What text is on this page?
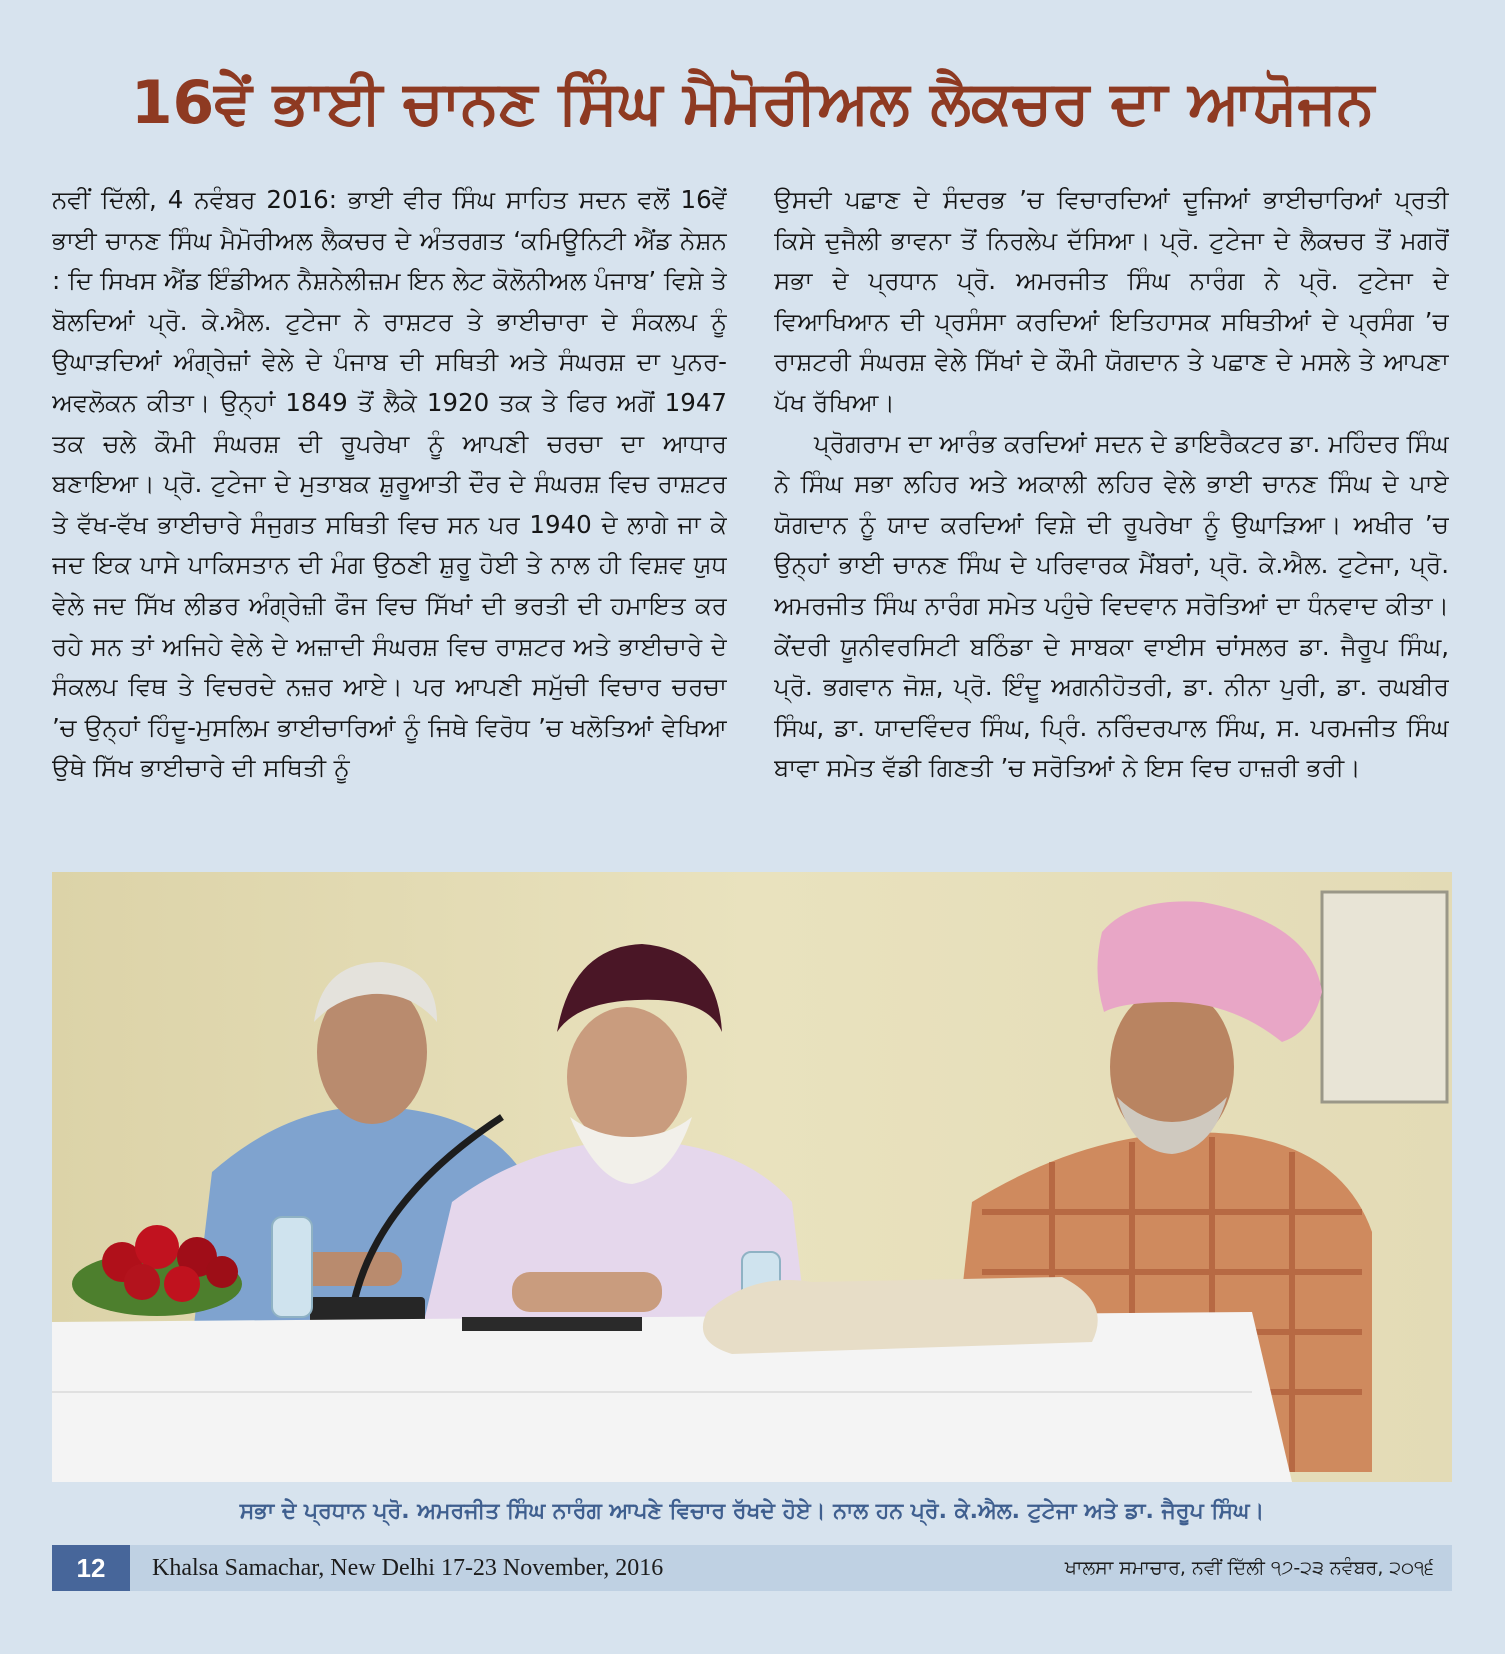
16ਵੇਂ ਭਾਈ ਚਾਨਣ ਸਿੰਘ ਮੈਮੋਰੀਅਲ ਲੈਕਚਰ ਦਾ ਆਯੋਜਨ

ਨਵੀਂ ਦਿੱਲੀ, 4 ਨਵੰਬਰ 2016: ਭਾਈ ਵੀਰ ਸਿੰਘ ਸਾਹਿਤ ਸਦਨ ਵਲੋਂ 16ਵੇਂ ਭਾਈ ਚਾਨਣ ਸਿੰਘ ਮੈਮੋਰੀਅਲ ਲੈਕਚਰ ਦੇ ਅੰਤਰਗਤ ‘ਕਮਿਊਨਿਟੀ ਐਂਡ ਨੇਸ਼ਨ : ਦਿ ਸਿਖਸ ਐਂਡ ਇੰਡੀਅਨ ਨੈਸ਼ਨੇਲੀਜ਼ਮ ਇਨ ਲੇਟ ਕੋਲੋਨੀਅਲ ਪੰਜਾਬ’ ਵਿਸ਼ੇ ਤੇ ਬੋਲਦਿਆਂ ਪ੍ਰੋ. ਕੇ.ਐਲ. ਟੁਟੇਜਾ ਨੇ ਰਾਸ਼ਟਰ ਤੇ ਭਾਈਚਾਰਾ ਦੇ ਸੰਕਲਪ ਨੂੰ ਉਘਾੜਦਿਆਂ ਅੰਗ੍ਰੇਜ਼ਾਂ ਵੇਲੇ ਦੇ ਪੰਜਾਬ ਦੀ ਸਥਿਤੀ ਅਤੇ ਸੰਘਰਸ਼ ਦਾ ਪੁਨਰ-ਅਵਲੋਕਨ ਕੀਤਾ। ਉਨ੍ਹਾਂ 1849 ਤੋਂ ਲੈਕੇ 1920 ਤਕ ਤੇ ਫਿਰ ਅਗੋਂ 1947 ਤਕ ਚਲੇ ਕੌਮੀ ਸੰਘਰਸ਼ ਦੀ ਰੂਪਰੇਖਾ ਨੂੰ ਆਪਣੀ ਚਰਚਾ ਦਾ ਆਧਾਰ ਬਣਾਇਆ। ਪ੍ਰੋ. ਟੁਟੇਜਾ ਦੇ ਮੁਤਾਬਕ ਸ਼ੁਰੂਆਤੀ ਦੌਰ ਦੇ ਸੰਘਰਸ਼ ਵਿਚ ਰਾਸ਼ਟਰ ਤੇ ਵੱਖ-ਵੱਖ ਭਾਈਚਾਰੇ ਸੰਜੁਗਤ ਸਥਿਤੀ ਵਿਚ ਸਨ ਪਰ 1940 ਦੇ ਲਾਗੇ ਜਾ ਕੇ ਜਦ ਇਕ ਪਾਸੇ ਪਾਕਿਸਤਾਨ ਦੀ ਮੰਗ ਉਠਣੀ ਸ਼ੁਰੂ ਹੋਈ ਤੇ ਨਾਲ ਹੀ ਵਿਸ਼ਵ ਯੁਧ ਵੇਲੇ ਜਦ ਸਿੱਖ ਲੀਡਰ ਅੰਗ੍ਰੇਜ਼ੀ ਫੌਜ ਵਿਚ ਸਿੱਖਾਂ ਦੀ ਭਰਤੀ ਦੀ ਹਮਾਇਤ ਕਰ ਰਹੇ ਸਨ ਤਾਂ ਅਜਿਹੇ ਵੇਲੇ ਦੇ ਅਜ਼ਾਦੀ ਸੰਘਰਸ਼ ਵਿਚ ਰਾਸ਼ਟਰ ਅਤੇ ਭਾਈਚਾਰੇ ਦੇ ਸੰਕਲਪ ਵਿਥ ਤੇ ਵਿਚਰਦੇ ਨਜ਼ਰ ਆਏ। ਪਰ ਆਪਣੀ ਸਮੁੱਚੀ ਵਿਚਾਰ ਚਰਚਾ ’ਚ ਉਨ੍ਹਾਂ ਹਿੰਦੂ-ਮੁਸਲਿਮ ਭਾਈਚਾਰਿਆਂ ਨੂੰ ਜਿਥੇ ਵਿਰੋਧ ’ਚ ਖਲੋਤਿਆਂ ਵੇਖਿਆ ਉਥੇ ਸਿੱਖ ਭਾਈਚਾਰੇ ਦੀ ਸਥਿਤੀ ਨੂੰ

ਉਸਦੀ ਪਛਾਣ ਦੇ ਸੰਦਰਭ ’ਚ ਵਿਚਾਰਦਿਆਂ ਦੂਜਿਆਂ ਭਾਈਚਾਰਿਆਂ ਪ੍ਰਤੀ ਕਿਸੇ ਦੁਜੈਲੀ ਭਾਵਨਾ ਤੋਂ ਨਿਰਲੇਪ ਦੱਸਿਆ। ਪ੍ਰੋ. ਟੁਟੇਜਾ ਦੇ ਲੈਕਚਰ ਤੋਂ ਮਗਰੋਂ ਸਭਾ ਦੇ ਪ੍ਰਧਾਨ ਪ੍ਰੋ. ਅਮਰਜੀਤ ਸਿੰਘ ਨਾਰੰਗ ਨੇ ਪ੍ਰੋ. ਟੁਟੇਜਾ ਦੇ ਵਿਆਖਿਆਨ ਦੀ ਪ੍ਰਸੰਸਾ ਕਰਦਿਆਂ ਇਤਿਹਾਸਕ ਸਥਿਤੀਆਂ ਦੇ ਪ੍ਰਸੰਗ ’ਚ ਰਾਸ਼ਟਰੀ ਸੰਘਰਸ਼ ਵੇਲੇ ਸਿੱਖਾਂ ਦੇ ਕੌਮੀ ਯੋਗਦਾਨ ਤੇ ਪਛਾਣ ਦੇ ਮਸਲੇ ਤੇ ਆਪਣਾ ਪੱਖ ਰੱਖਿਆ।

ਪ੍ਰੋਗਰਾਮ ਦਾ ਆਰੰਭ ਕਰਦਿਆਂ ਸਦਨ ਦੇ ਡਾਇਰੈਕਟਰ ਡਾ. ਮਹਿੰਦਰ ਸਿੰਘ ਨੇ ਸਿੰਘ ਸਭਾ ਲਹਿਰ ਅਤੇ ਅਕਾਲੀ ਲਹਿਰ ਵੇਲੇ ਭਾਈ ਚਾਨਣ ਸਿੰਘ ਦੇ ਪਾਏ ਯੋਗਦਾਨ ਨੂੰ ਯਾਦ ਕਰਦਿਆਂ ਵਿਸ਼ੇ ਦੀ ਰੂਪਰੇਖਾ ਨੂੰ ਉਘਾੜਿਆ। ਅਖੀਰ ’ਚ ਉਨ੍ਹਾਂ ਭਾਈ ਚਾਨਣ ਸਿੰਘ ਦੇ ਪਰਿਵਾਰਕ ਮੈਂਬਰਾਂ, ਪ੍ਰੋ. ਕੇ.ਐਲ. ਟੁਟੇਜਾ, ਪ੍ਰੋ. ਅਮਰਜੀਤ ਸਿੰਘ ਨਾਰੰਗ ਸਮੇਤ ਪਹੁੰਚੇ ਵਿਦਵਾਨ ਸਰੋਤਿਆਂ ਦਾ ਧੰਨਵਾਦ ਕੀਤਾ। ਕੇਂਦਰੀ ਯੂਨੀਵਰਸਿਟੀ ਬਠਿੰਡਾ ਦੇ ਸਾਬਕਾ ਵਾਈਸ ਚਾਂਸਲਰ ਡਾ. ਜੈਰੂਪ ਸਿੰਘ, ਪ੍ਰੋ. ਭਗਵਾਨ ਜੋਸ਼, ਪ੍ਰੋ. ਇੰਦੂ ਅਗਨੀਹੋਤਰੀ, ਡਾ. ਨੀਨਾ ਪੁਰੀ, ਡਾ. ਰਘਬੀਰ ਸਿੰਘ, ਡਾ. ਯਾਦਵਿੰਦਰ ਸਿੰਘ, ਪ੍ਰਿੰ. ਨਰਿੰਦਰਪਾਲ ਸਿੰਘ, ਸ. ਪਰਮਜੀਤ ਸਿੰਘ ਬਾਵਾ ਸਮੇਤ ਵੱਡੀ ਗਿਣਤੀ ’ਚ ਸਰੋਤਿਆਂ ਨੇ ਇਸ ਵਿਚ ਹਾਜ਼ਰੀ ਭਰੀ।

ਸਭਾ ਦੇ ਪ੍ਰਧਾਨ ਪ੍ਰੋ. ਅਮਰਜੀਤ ਸਿੰਘ ਨਾਰੰਗ ਆਪਣੇ ਵਿਚਾਰ ਰੱਖਦੇ ਹੋਏ। ਨਾਲ ਹਨ ਪ੍ਰੋ. ਕੇ.ਐਲ. ਟੁਟੇਜਾ ਅਤੇ ਡਾ. ਜੈਰੂਪ ਸਿੰਘ।
12	Khalsa Samachar, New Delhi 17-23 November, 2016	ਖਾਲਸਾ ਸਮਾਚਾਰ, ਨਵੀਂ ਦਿੱਲੀ ੧੭-੨੩ ਨਵੰਬਰ, ੨੦੧੬
